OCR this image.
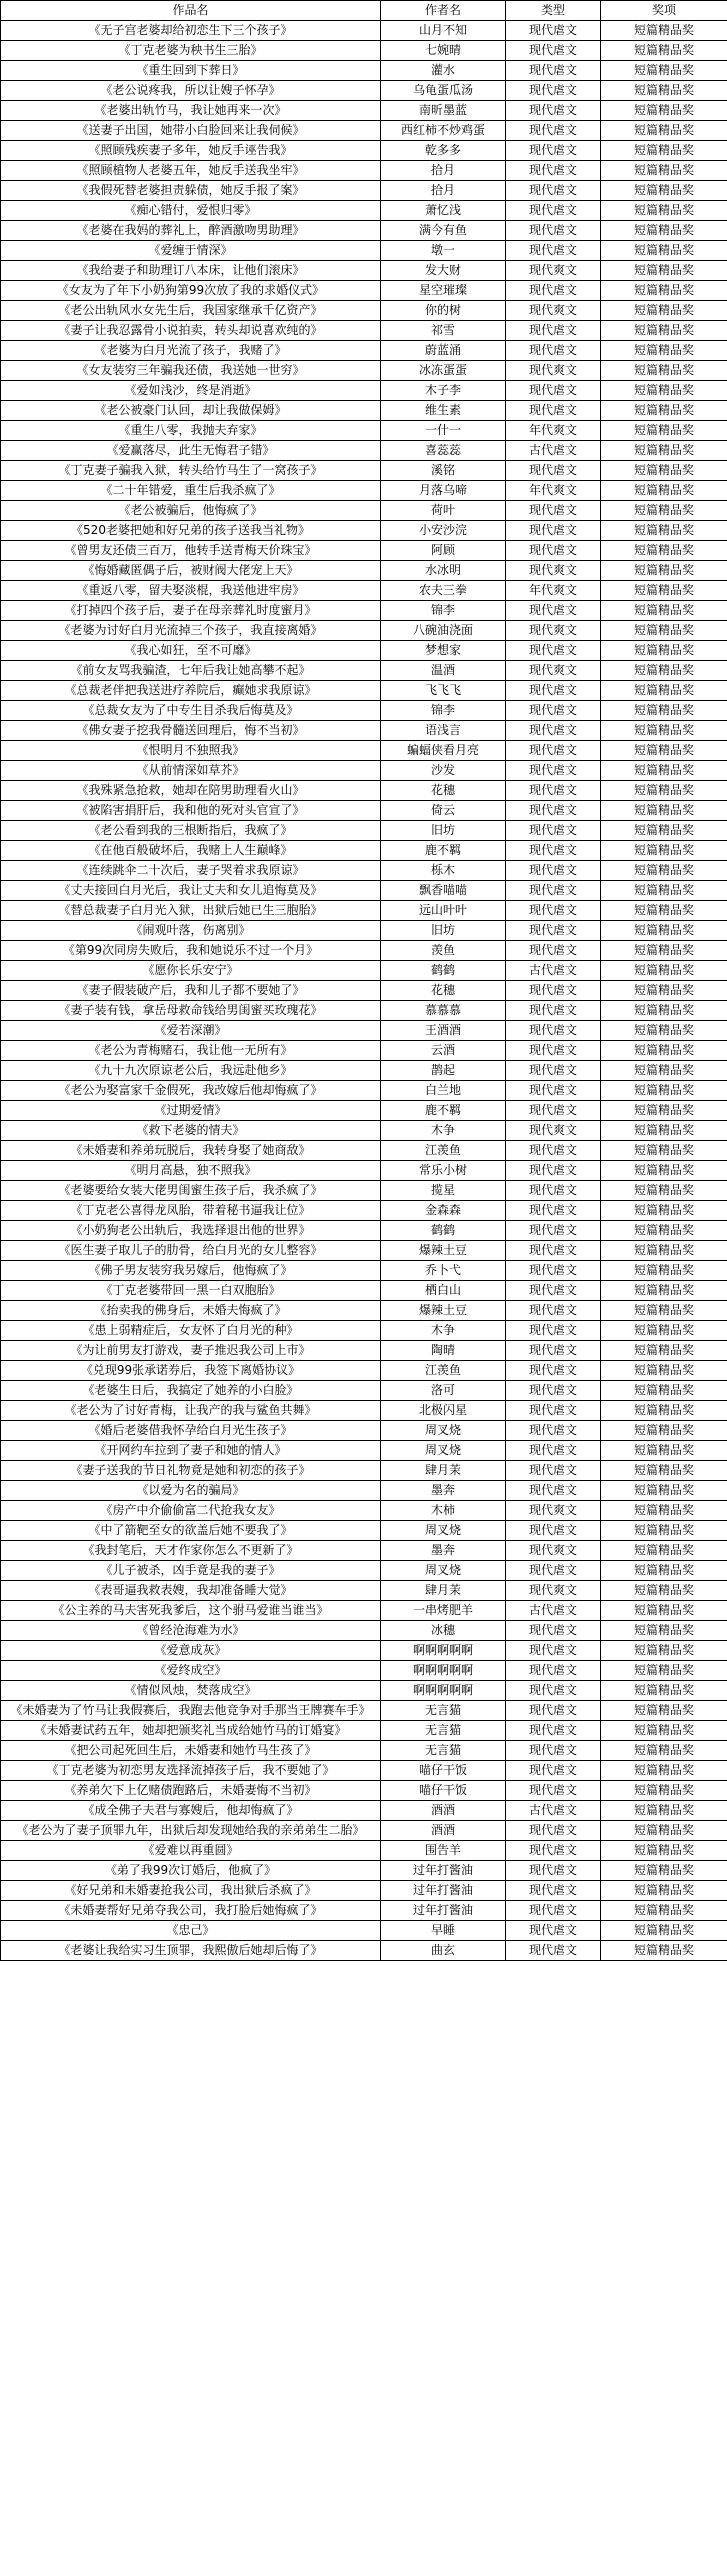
作品名	作者名	类型	奖项
《无子宫老婆却给初恋生下三个孩子》	山月不知	现代虐文	短篇精品奖
《丁克老婆为秧书生三胎》	七婉晴	现代虐文	短篇精品奖
《重生回到下葬日》	灌水	现代虐文	短篇精品奖
《老公说疼我，所以让嫂子怀孕》	乌龟蛋瓜汤	现代虐文	短篇精品奖
《老婆出轨竹马，我让她再来一次》	南昕墨蓝	现代虐文	短篇精品奖
《送妻子出国，她带小白脸回来让我伺候》	西红柿不炒鸡蛋	现代虐文	短篇精品奖
《照顾残疾妻子多年，她反手诬告我》	乾多多	现代虐文	短篇精品奖
《照顾植物人老婆五年，她反手送我坐牢》	拾月	现代虐文	短篇精品奖
《我假死替老婆担责躲债，她反手报了案》	拾月	现代虐文	短篇精品奖
《痴心错付，爱恨归零》	萧忆浅	现代虐文	短篇精品奖
《老婆在我妈的葬礼上，醉酒激吻男助理》	满今有鱼	现代虐文	短篇精品奖
《爱缠于情深》	墩一	现代虐文	短篇精品奖
《我给妻子和助理订八本床，让他们滚床》	发大财	现代爽文	短篇精品奖
《女友为了年下小奶狗第99次放了我的求婚仪式》	星空璀璨	现代虐文	短篇精品奖
《老公出轨风水女先生后，我国家继承千亿资产》	你的树	现代爽文	短篇精品奖
《妻子让我忍露骨小说拍卖，转头却说喜欢纯的》	祁雪	现代虐文	短篇精品奖
《老婆为白月光流了孩子，我赌了》	蔚蓝涌	现代虐文	短篇精品奖
《女友装穷三年骗我还债，我送她一世穷》	冰冻蛋蛋	现代爽文	短篇精品奖
《爱如浅沙，终是消逝》	木子李	现代虐文	短篇精品奖
《老公被豪门认回，却让我做保姆》	维生素	现代虐文	短篇精品奖
《重生八零，我抛夫弃家》	一什一	年代爽文	短篇精品奖
《爱赢落尽，此生无悔君子错》	喜蕊蕊	古代虐文	短篇精品奖
《丁克妻子骗我入狱，转头给竹马生了一窝孩子》	溪铭	现代虐文	短篇精品奖
《二十年错爱，重生后我杀疯了》	月落乌啼	年代爽文	短篇精品奖
《老公被骗后，他悔疯了》	荷叶	现代虐文	短篇精品奖
《520老婆把她和好兄弟的孩子送我当礼物》	小安沙浣	现代虐文	短篇精品奖
《曾男友还债三百万，他转手送青梅天价珠宝》	阿顾	现代虐文	短篇精品奖
《悔婚藏匿偶子后，被财阀大佬宠上天》	水冰明	现代爽文	短篇精品奖
《重返八零，留夫娶淡棍，我送他进牢房》	农夫三拳	年代爽文	短篇精品奖
《打掉四个孩子后，妻子在母亲葬礼时度蜜月》	锦李	现代虐文	短篇精品奖
《老婆为讨好白月光流掉三个孩子，我直接离婚》	八碗油浇面	现代爽文	短篇精品奖
《我心如狂，至不可靡》	梦想家	现代虐文	短篇精品奖
《前女友骂我骗渣，七年后我让她高攀不起》	温酒	现代爽文	短篇精品奖
《总裁老伴把我送进疗养院后，癫她求我原谅》	飞飞飞	现代虐文	短篇精品奖
《总裁女友为了中专生目杀我后悔莫及》	锦李	现代虐文	短篇精品奖
《佛女妻子挖我骨髓送回理后，悔不当初》	语浅言	现代虐文	短篇精品奖
《恨明月不独照我》	蝙蝠侠看月亮	现代虐文	短篇精品奖
《从前情深如草芥》	沙发	现代虐文	短篇精品奖
《我殊紧急抢救，她却在陪男助理看火山》	花穗	现代虐文	短篇精品奖
《被陷害捐肝后，我和他的死对头官宣了》	倚云	现代虐文	短篇精品奖
《老公看到我的三根断指后，我疯了》	旧坊	现代虐文	短篇精品奖
《在他百般破坏后，我赌上人生巅峰》	鹿不羁	现代虐文	短篇精品奖
《连续跳伞二十次后，妻子哭着求我原谅》	栎木	现代虐文	短篇精品奖
《丈夫接回白月光后，我让丈夫和女儿追悔莫及》	飘香喵喵	现代虐文	短篇精品奖
《替总裁妻子白月光入狱，出狱后她已生三胞胎》	远山叶叶	现代虐文	短篇精品奖
《闹观叶落，伤离别》	旧坊	现代虐文	短篇精品奖
《第99次同房失败后，我和她说乐不过一个月》	羡鱼	现代虐文	短篇精品奖
《愿你长乐安宁》	鹤鹤	古代虐文	短篇精品奖
《妻子假装破产后，我和儿子都不要她了》	花穗	现代虐文	短篇精品奖
《妻子装有钱，拿岳母救命钱给男闺蜜买玫瑰花》	慕慕慕	现代虐文	短篇精品奖
《爱若深潮》	王酒酒	现代虐文	短篇精品奖
《老公为青梅赌石，我让他一无所有》	云酒	现代虐文	短篇精品奖
《九十九次原谅老公后，我远赴他乡》	鹊起	现代虐文	短篇精品奖
《老公为娶富家千金假死，我改嫁后他却悔疯了》	白兰地	现代虐文	短篇精品奖
《过期爱情》	鹿不羁	现代虐文	短篇精品奖
《救下老婆的情夫》	木争	现代爽文	短篇精品奖
《未婚妻和养弟玩脱后，我转身娶了她商敌》	江羡鱼	现代虐文	短篇精品奖
《明月高悬，独不照我》	常乐小树	现代虐文	短篇精品奖
《老婆要给女装大佬男闺蜜生孩子后，我杀疯了》	揽星	现代虐文	短篇精品奖
《丁克老公喜得龙凤胎，带着秘书逼我让位》	金森森	现代虐文	短篇精品奖
《小奶狗老公出轨后，我选择退出他的世界》	鹤鹤	现代虐文	短篇精品奖
《医生妻子取儿子的肋骨，给白月光的女儿整容》	爆辣土豆	现代虐文	短篇精品奖
《佛子男友装穷我另嫁后，他悔疯了》	乔卜弋	现代虐文	短篇精品奖
《丁克老婆带回一黑一白双胞胎》	栖白山	现代虐文	短篇精品奖
《抬卖我的佛身后，未婚夫悔疯了》	爆辣土豆	现代虐文	短篇精品奖
《患上弱精症后，女友怀了白月光的种》	木争	现代虐文	短篇精品奖
《为让前男友打游戏，妻子推迟我公司上市》	陶晴	现代虐文	短篇精品奖
《兑现99张承诺券后，我签下离婚协议》	江羡鱼	现代虐文	短篇精品奖
《老婆生日后，我搞定了她养的小白脸》	洛可	现代虐文	短篇精品奖
《老公为了讨好青梅，让我产的我与鲨鱼共舞》	北极闪星	现代虐文	短篇精品奖
《婚后老婆借我怀孕给白月光生孩子》	周叉烧	现代虐文	短篇精品奖
《开网约车拉到了妻子和她的情人》	周叉烧	现代虐文	短篇精品奖
《妻子送我的节日礼物竟是她和初恋的孩子》	肆月茉	现代虐文	短篇精品奖
《以爱为名的骗局》	墨奔	现代虐文	短篇精品奖
《房产中介偷偷富二代抢我女友》	木柿	现代爽文	短篇精品奖
《中了箭靶至女的欲盖后她不要我了》	周叉烧	现代虐文	短篇精品奖
《我封笔后，天才作家你怎么不更新了》	墨奔	现代爽文	短篇精品奖
《儿子被杀，凶手竟是我的妻子》	周叉烧	现代虐文	短篇精品奖
《表哥逼我救表嫂，我却准备睡大觉》	肆月茉	现代爽文	短篇精品奖
《公主养的马夫害死我爹后，这个驸马爱谁当谁当》	一串烤肥羊	古代虐文	短篇精品奖
《曾经沧海难为水》	冰穗	现代虐文	短篇精品奖
《爱意成灰》	啊啊啊啊啊	现代虐文	短篇精品奖
《爱终成空》	啊啊啊啊啊	现代虐文	短篇精品奖
《情似风烛，焚落成空》	啊啊啊啊啊	现代虐文	短篇精品奖
《未婚妻为了竹马让我假赛后，我跑去他竞争对手那当王牌赛车手》	无言猫	现代虐文	短篇精品奖
《未婚妻试药五年，她却把颁奖礼当成给她竹马的订婚宴》	无言猫	现代虐文	短篇精品奖
《把公司起死回生后，未婚妻和她竹马生孩了》	无言猫	现代虐文	短篇精品奖
《丁克老婆为初恋男友选择流掉孩子后，我不要她了》	喵仔干饭	现代虐文	短篇精品奖
《养弟欠下上亿赌债跑路后，未婚妻悔不当初》	喵仔干饭	现代虐文	短篇精品奖
《成全佛子夫君与寡嫂后，他却悔疯了》	酒酒	古代虐文	短篇精品奖
《老公为了妻子顶罪九年，出狱后却发现她给我的亲弟弟生二胎》	酒酒	现代虐文	短篇精品奖
《爱难以再重圆》	围告羊	现代虐文	短篇精品奖
《弟了我99次订婚后，他疯了》	过年打酱油	现代虐文	短篇精品奖
《好兄弟和未婚妻抢我公司，我出狱后杀疯了》	过年打酱油	现代虐文	短篇精品奖
《未婚妻帮好兄弟夺我公司，我打脸后她悔疯了》	过年打酱油	现代虐文	短篇精品奖
《忠己》	早睡	现代虐文	短篇精品奖
《老婆让我给实习生顶罪，我熙傲后她却后悔了》	曲玄	现代虐文	短篇精品奖
